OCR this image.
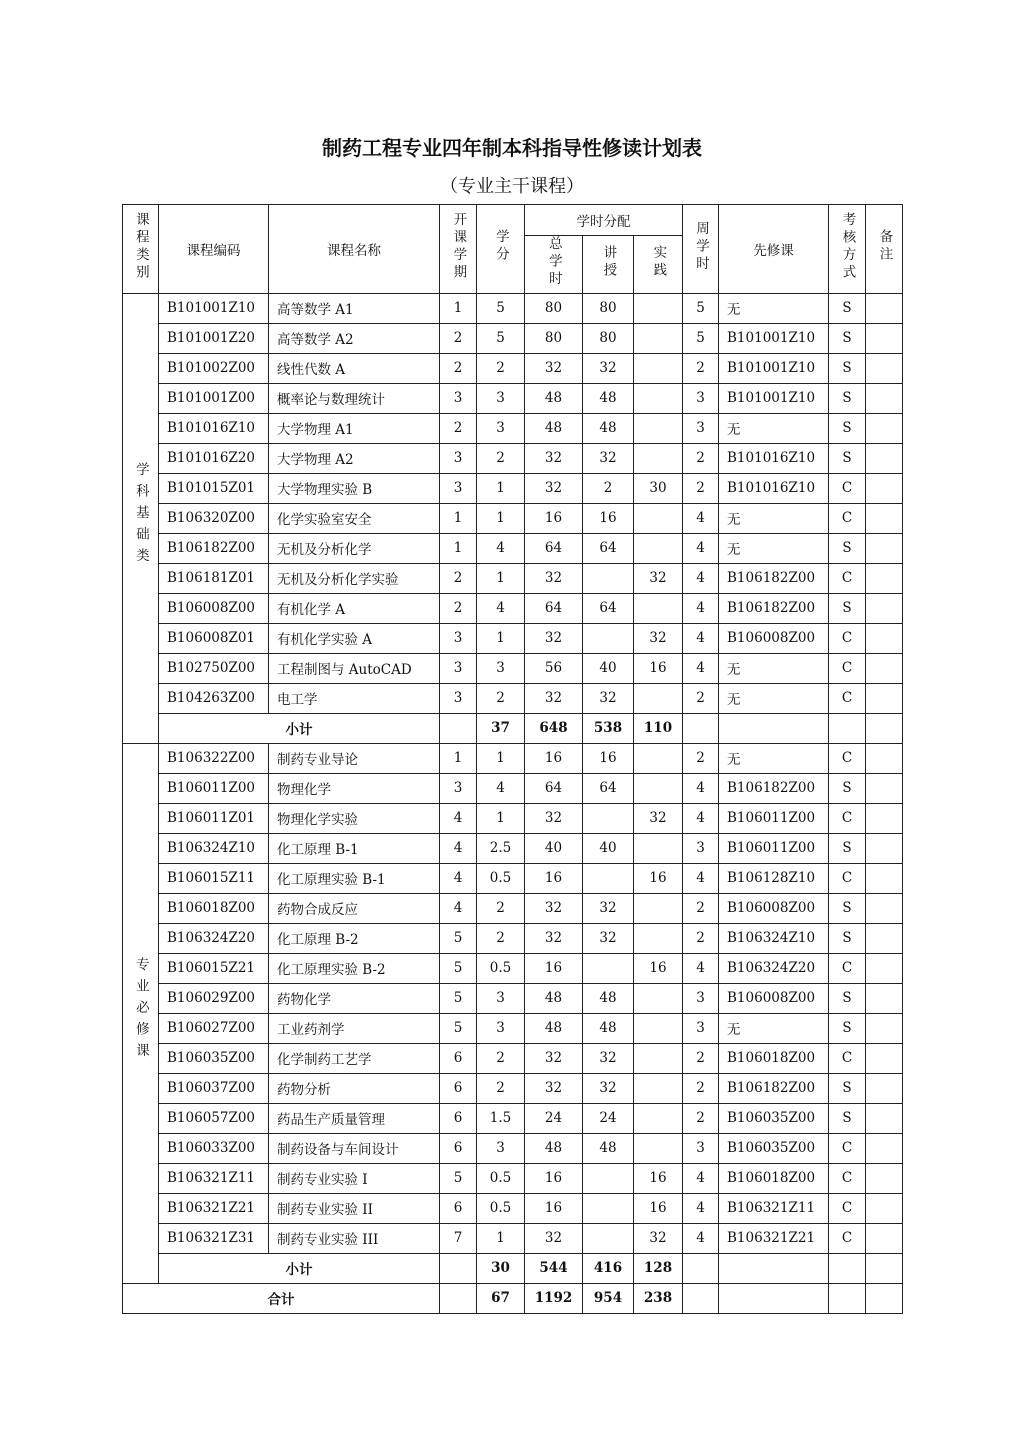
制药工程专业四年制本科指导性修读计划表
（专业主干课程）
课程类别	课程编码	课程名称	开课学期	学分	学时分配			周学时	先修课	考核方式	备注
					总学时	讲授	实践				
学科基础类	B101001Z10	高等数学 A1	1	5	80	80		5	无	S	
	B101001Z20	高等数学 A2	2	5	80	80		5	B101001Z10	S	
	B101002Z00	线性代数 A	2	2	32	32		2	B101001Z10	S	
	B101001Z00	概率论与数理统计	3	3	48	48		3	B101001Z10	S	
	B101016Z10	大学物理 A1	2	3	48	48		3	无	S	
	B101016Z20	大学物理 A2	3	2	32	32		2	B101016Z10	S	
	B101015Z01	大学物理实验 B	3	1	32	2	30	2	B101016Z10	C	
	B106320Z00	化学实验室安全	1	1	16	16		4	无	C	
	B106182Z00	无机及分析化学	1	4	64	64		4	无	S	
	B106181Z01	无机及分析化学实验	2	1	32		32	4	B106182Z00	C	
	B106008Z00	有机化学 A	2	4	64	64		4	B106182Z00	S	
	B106008Z01	有机化学实验 A	3	1	32		32	4	B106008Z00	C	
	B102750Z00	工程制图与 AutoCAD	3	3	56	40	16	4	无	C	
	B104263Z00	电工学	3	2	32	32		2	无	C	
	小计			37	648	538	110				
专业必修课	B106322Z00	制药专业导论	1	1	16	16		2	无	C	
	B106011Z00	物理化学	3	4	64	64		4	B106182Z00	S	
	B106011Z01	物理化学实验	4	1	32		32	4	B106011Z00	C	
	B106324Z10	化工原理 B-1	4	2.5	40	40		3	B106011Z00	S	
	B106015Z11	化工原理实验 B-1	4	0.5	16		16	4	B106128Z10	C	
	B106018Z00	药物合成反应	4	2	32	32		2	B106008Z00	S	
	B106324Z20	化工原理 B-2	5	2	32	32		2	B106324Z10	S	
	B106015Z21	化工原理实验 B-2	5	0.5	16		16	4	B106324Z20	C	
	B106029Z00	药物化学	5	3	48	48		3	B106008Z00	S	
	B106027Z00	工业药剂学	5	3	48	48		3	无	S	
	B106035Z00	化学制药工艺学	6	2	32	32		2	B106018Z00	C	
	B106037Z00	药物分析	6	2	32	32		2	B106182Z00	S	
	B106057Z00	药品生产质量管理	6	1.5	24	24		2	B106035Z00	S	
	B106033Z00	制药设备与车间设计	6	3	48	48		3	B106035Z00	C	
	B106321Z11	制药专业实验 I	5	0.5	16		16	4	B106018Z00	C	
	B106321Z21	制药专业实验 II	6	0.5	16		16	4	B106321Z11	C	
	B106321Z31	制药专业实验 III	7	1	32		32	4	B106321Z21	C	
	小计			30	544	416	128				
合计				67	1192	954	238				
